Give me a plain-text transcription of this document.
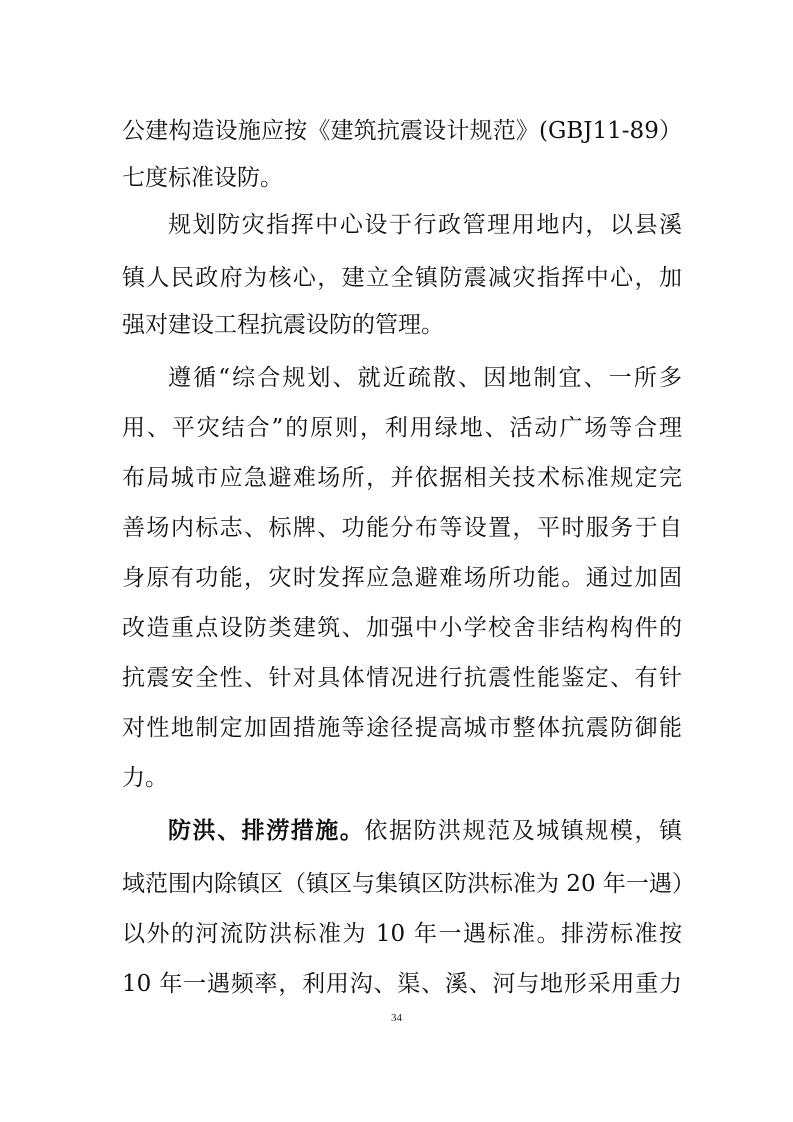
公建构造设施应按《建筑抗震设计规范》(GBJ11-89）
七度标准设防。
规划防灾指挥中心设于行政管理用地内，以县溪
镇人民政府为核心，建立全镇防震减灾指挥中心，加
强对建设工程抗震设防的管理。
遵循“综合规划、就近疏散、因地制宜、一所多
用、平灾结合”的原则，利用绿地、活动广场等合理
布局城市应急避难场所，并依据相关技术标准规定完
善场内标志、标牌、功能分布等设置，平时服务于自
身原有功能，灾时发挥应急避难场所功能。通过加固
改造重点设防类建筑、加强中小学校舍非结构构件的
抗震安全性、针对具体情况进行抗震性能鉴定、有针
对性地制定加固措施等途径提高城市整体抗震防御能
力。
防洪、排涝措施。依据防洪规范及城镇规模，镇
域范围内除镇区（镇区与集镇区防洪标准为 20 年一遇）
以外的河流防洪标准为 10 年一遇标准。排涝标准按
10 年一遇频率，利用沟、渠、溪、河与地形采用重力
34
